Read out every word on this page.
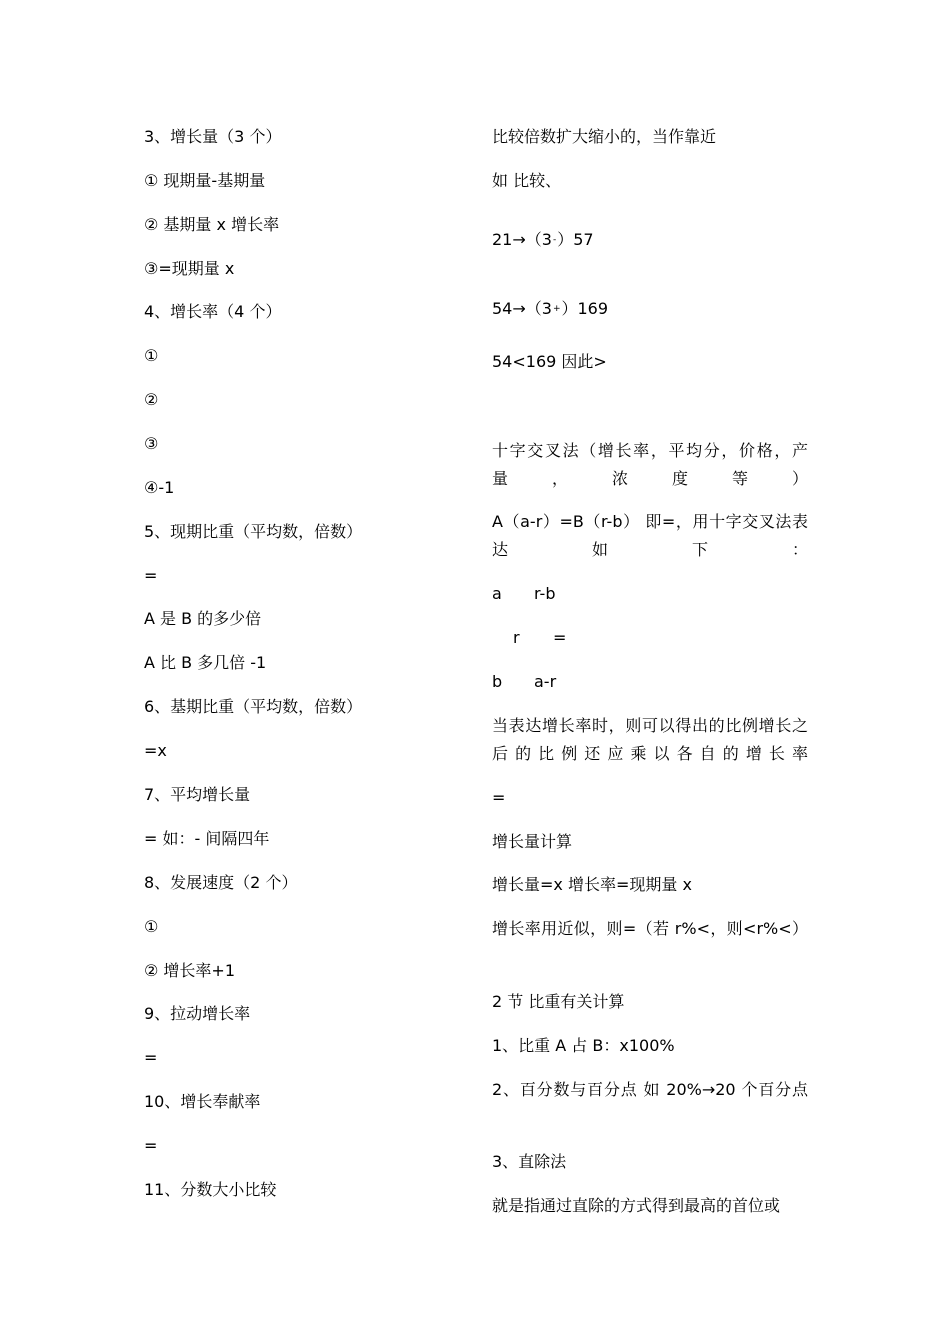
3、增长量（3 个）
① 现期量-基期量
② 基期量 x 增长率
③=现期量 x
4、增长率（4 个）
①
②
③
④-1
5、现期比重（平均数，倍数）
=
A 是 B 的多少倍
A 比 B 多几倍 -1
6、基期比重（平均数，倍数）
=x
7、平均增长量
= 如：- 间隔四年
8、发展速度（2 个）
①
② 增长率+1
9、拉动增长率
=
10、增长奉献率
=
11、分数大小比较
比较倍数扩大缩小的，当作靠近
如 比较、
21→（3-）57
54→（3+）169
54<169 因此>
十字交叉法（增长率，平均分，价格，产量，浓度等）
A（a-r）=B（r-b） 即=，用十字交叉法表达如下：
a r-b
r =
b a-r
当表达增长率时，则可以得出的比例增长之后的比例还应乘以各自的增长率
=
增长量计算
增长量=x 增长率=现期量 x
增长率用近似，则=（若 r%<，则<r%<）
2 节 比重有关计算
1、比重 A 占 B：x100%
2、百分数与百分点 如 20%→20 个百分点
3、直除法
就是指通过直除的方式得到最高的首位或
